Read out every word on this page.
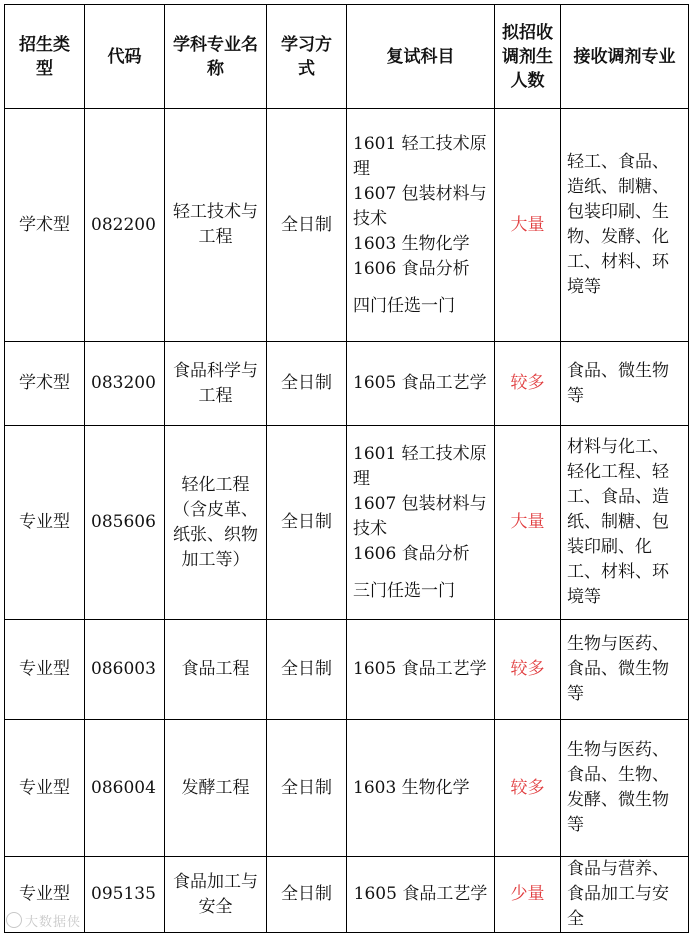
招生类型	代码	学科专业名称	学习方式	复试科目	拟招收调剂生人数	接收调剂专业
学术型	082200	轻工技术与工程	全日制	1601 轻工技术原理
1607 包装材料与技术
1603 生物化学
1606 食品分析
四门任选一门	大量	轻工、食品、造纸、制糖、包装印刷、生物、发酵、化工、材料、环境等
学术型	083200	食品科学与工程	全日制	1605 食品工艺学	较多	食品、微生物等
专业型	085606	轻化工程（含皮革、纸张、织物加工等）	全日制	1601 轻工技术原理
1607 包装材料与技术
1606 食品分析
三门任选一门	大量	材料与化工、轻化工程、轻工、食品、造纸、制糖、包装印刷、化工、材料、环境等
专业型	086003	食品工程	全日制	1605 食品工艺学	较多	生物与医药、食品、微生物等
专业型	086004	发酵工程	全日制	1603 生物化学	较多	生物与医药、食品、生物、发酵、微生物等
专业型	095135	食品加工与安全	全日制	1605 食品工艺学	少量	食品与营养、食品加工与安全
大数据侠
